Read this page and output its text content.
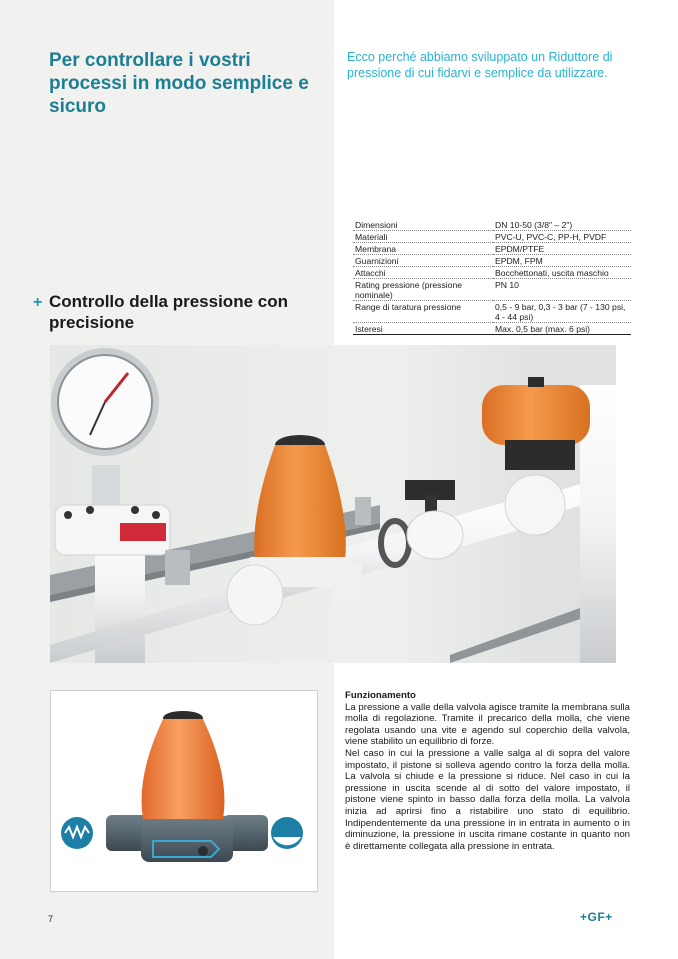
Per controllare i vostri processi in modo semplice e sicuro
Ecco perché abbiamo sviluppato un Riduttore di pressione di cui fidarvi e semplice da utilizzare.
Dimensioni	DN 10-50 (3/8" – 2")
Materiali	PVC-U, PVC-C, PP-H, PVDF
Membrana	EPDM/PTFE
Guarnizioni	EPDM, FPM
Attacchi	Bocchettonati, uscita maschio
Rating pressione (pressione nominale)	PN 10
Range di taratura pressione	0,5 - 9 bar, 0,3 - 3 bar (7 - 130 psi, 4 - 44 psi)
Isteresi	Max. 0,5 bar (max. 6 psi)
+ Controllo della pressione con precisione
Funzionamento

La pressione a valle della valvola agisce tramite la membrana sulla molla di regolazione. Tramite il precarico della molla, che viene regolata usando una vite e agendo sul coperchio della valvola, viene stabilito un equilibrio di forze.

Nel caso in cui la pressione a valle salga al di sopra del valore impostato, il pistone si solleva agendo contro la forza della molla. La valvola si chiude e la pressione si riduce. Nel caso in cui la pressione in uscita scende al di sotto del valore impostato, il pistone viene spinto in basso dalla forza della molla. La valvola inizia ad aprirsi fino a ristabilire uno stato di equilibrio. Indipendentemente da una pressione in in entrata in aumento o in diminuzione, la pressione in uscita rimane costante in quanto non è direttamente collegata alla pressione in entrata.

7	+GF+
